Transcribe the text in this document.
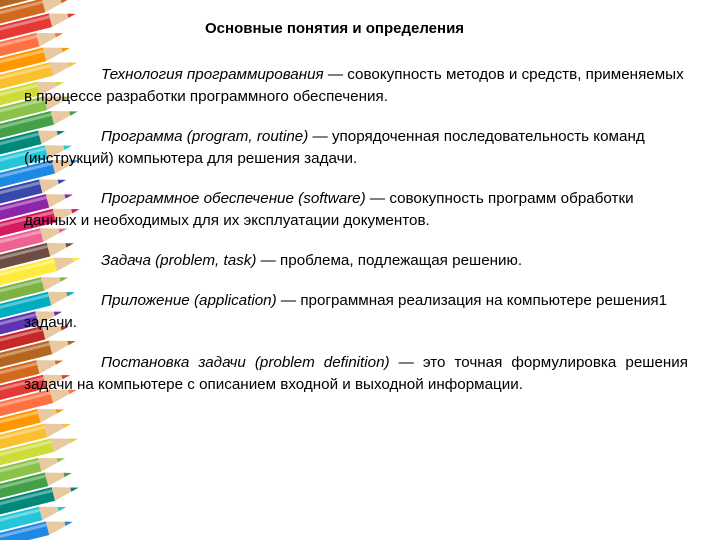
Основные понятия и определения

Технология программирования — совокупность методов и средств, применяемых в процессе разработки программного обеспечения.

Программа (program, routine) — упорядоченная последовательность команд (инструкций) компьютера для решения задачи.

Программное обеспечение (software) — совокупность программ обработки данных и необходимых для их эксплуатации документов.

Задача (problem, task) — проблема, подлежащая решению.

Приложение (application) — программная реализация на компьютере решения1 задачи.

Постановка задачи (problem definition) — это точная формулировка решения задачи на компьютере с описанием входной и выходной информации.

fppt.com
